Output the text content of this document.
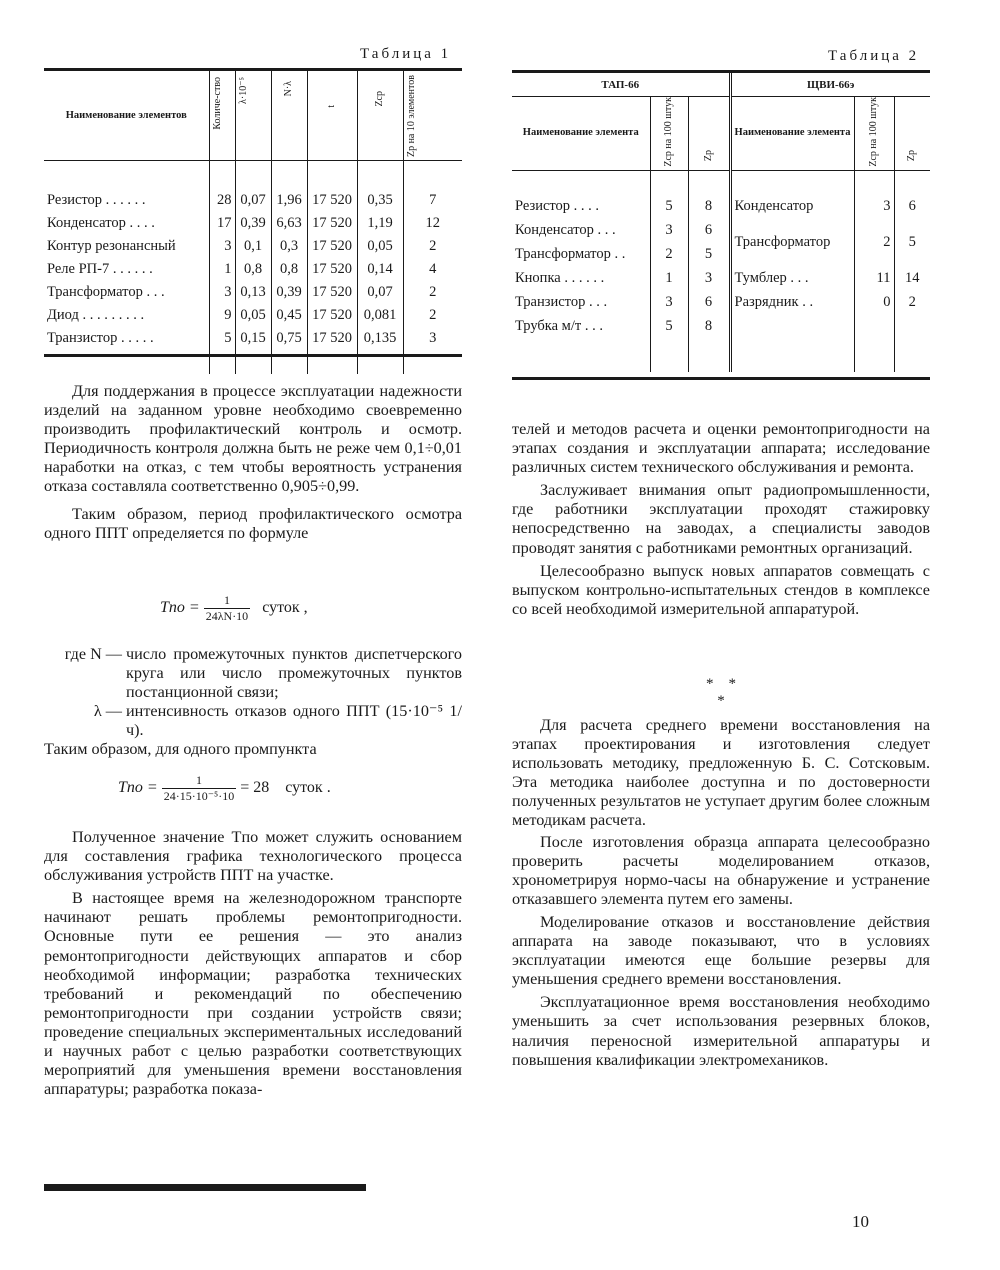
Таблица 1
Наименование элементов	Количе-ство	λ·10⁻⁵	N·λ	t	Zср	Zр на 10 элементов

Резистор . . . . . .	28	0,07	1,96	17 520	0,35	7
Конденсатор . . . .	17	0,39	6,63	17 520	1,19	12
Контур резонансный	3	0,1	0,3	17 520	0,05	2
Реле РП-7 . . . . . .	1	0,8	0,8	17 520	0,14	4
Трансформатор . . .	3	0,13	0,39	17 520	0,07	2
Диод . . . . . . . . .	9	0,05	0,45	17 520	0,081	2
Транзистор . . . . .	5	0,15	0,75	17 520	0,135	3

Таблица 2
ТАП-66			ЩВИ-66э		
Наименование элемента	Zср на 100 штук	Zр	Наименование элемента	Zср на 100 штук	Zр

Резистор . . . .	5	8	Конденсатор	3	6
Конденсатор . . .	3	6	Трансформатор	2	5
Трансформатор . .	2	5			
Кнопка . . . . . .	1	3	Тумблер . . .	11	14
Транзистор . . .	3	6	Разрядник . .	0	2
Трубка м/т . . .	5	8			

Для поддержания в процессе эксплуатации надежности изделий на заданном уровне необходимо своевременно производить профилактический контроль и осмотр. Периодичность контроля должна быть не реже чем 0,1÷0,01 наработки на отказ, с тем чтобы вероятность устранения отказа составляла соответственно 0,905÷0,99.

Таким образом, период профилактического осмотра одного ППТ определяется по формуле

Tпо = $\frac{1}{24\lambda N\cdot 10}$ суток ,
где N — число промежуточных пунктов диспетчерского круга или число промежуточных пунктов постанционной связи;
λ — интенсивность отказов одного ППТ (15·10⁻⁵ 1/ч).
Таким образом, для одного промпункта
Tпо = $\frac{1}{\text{24·15·10⁻⁵·10}} = 28$ суток .

Полученное значение Tпо может служить основанием для составления графика технологического процесса обслуживания устройств ППТ на участке.

В настоящее время на железнодорожном транспорте начинают решать проблемы ремонтопригодности. Основные пути ее решения — это анализ ремонтопригодности действующих аппаратов и сбор необходимой информации; разработка технических требований и рекомендаций по обеспечению ремонтопригодности при создании устройств связи; проведение специальных экспериментальных исследований и научных работ с целью разработки соответствующих мероприятий для уменьшения времени восстановления аппаратуры; разработка показа-

телей и методов расчета и оценки ремонтопригодности на этапах создания и эксплуатации аппарата; исследование различных систем технического обслуживания и ремонта.

Заслуживает внимания опыт радиопромышленности, где работники эксплуатации проходят стажировку непосредственно на заводах, а специалисты заводов проводят занятия с работниками ремонтных организаций.

Целесообразно выпуск новых аппаратов совмещать с выпуском контрольно-испытательных стендов в комплексе со всей необходимой измерительной аппаратурой.

*    *
*

Для расчета среднего времени восстановления на этапах проектирования и изготовления следует использовать методику, предложенную Б. С. Сотсковым. Эта методика наиболее доступна и по достоверности полученных результатов не уступает другим более сложным методикам расчета.

После изготовления образца аппарата целесообразно проверить расчеты моделированием отказов, хронометрируя нормо-часы на обнаружение и устранение отказавшего элемента путем его замены.

Моделирование отказов и восстановление действия аппарата на заводе показывают, что в условиях эксплуатации имеются еще большие резервы для уменьшения среднего времени восстановления.

Эксплуатационное время восстановления необходимо уменьшить за счет использования резервных блоков, наличия переносной измерительной аппаратуры и повышения квалификации электромехаников.

10
